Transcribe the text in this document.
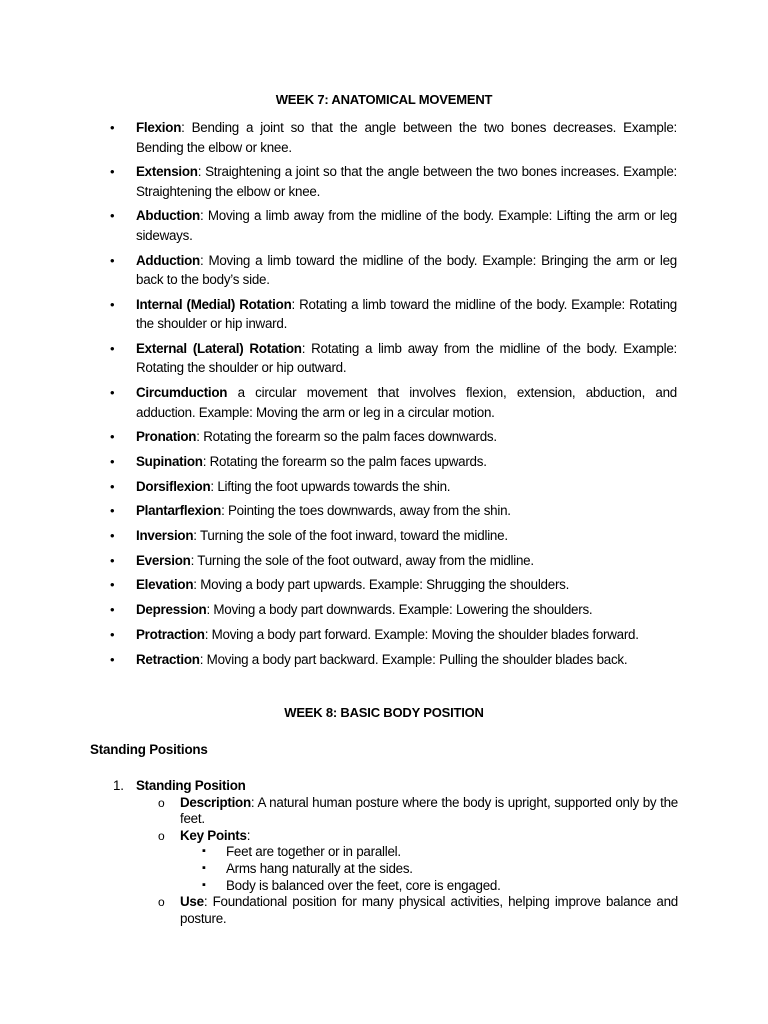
WEEK 7: ANATOMICAL MOVEMENT
• Flexion: Bending a joint so that the angle between the two bones decreases. Example: Bending the elbow or knee.
• Extension: Straightening a joint so that the angle between the two bones increases. Example: Straightening the elbow or knee.
• Abduction: Moving a limb away from the midline of the body. Example: Lifting the arm or leg sideways.
• Adduction: Moving a limb toward the midline of the body. Example: Bringing the arm or leg back to the body’s side.
• Internal (Medial) Rotation: Rotating a limb toward the midline of the body. Example: Rotating the shoulder or hip inward.
• External (Lateral) Rotation: Rotating a limb away from the midline of the body. Example: Rotating the shoulder or hip outward.
• Circumduction a circular movement that involves flexion, extension, abduction, and adduction. Example: Moving the arm or leg in a circular motion.
• Pronation: Rotating the forearm so the palm faces downwards.
• Supination: Rotating the forearm so the palm faces upwards.
• Dorsiflexion: Lifting the foot upwards towards the shin.
• Plantarflexion: Pointing the toes downwards, away from the shin.
• Inversion: Turning the sole of the foot inward, toward the midline.
• Eversion: Turning the sole of the foot outward, away from the midline.
• Elevation: Moving a body part upwards. Example: Shrugging the shoulders.
• Depression: Moving a body part downwards. Example: Lowering the shoulders.
• Protraction: Moving a body part forward. Example: Moving the shoulder blades forward.
• Retraction: Moving a body part backward. Example: Pulling the shoulder blades back.
WEEK 8: BASIC BODY POSITION
Standing Positions
1. Standing Position
o Description: A natural human posture where the body is upright, supported only by the feet.
o Key Points:
▪ Feet are together or in parallel.
▪ Arms hang naturally at the sides.
▪ Body is balanced over the feet, core is engaged.
o Use: Foundational position for many physical activities, helping improve balance and posture.
